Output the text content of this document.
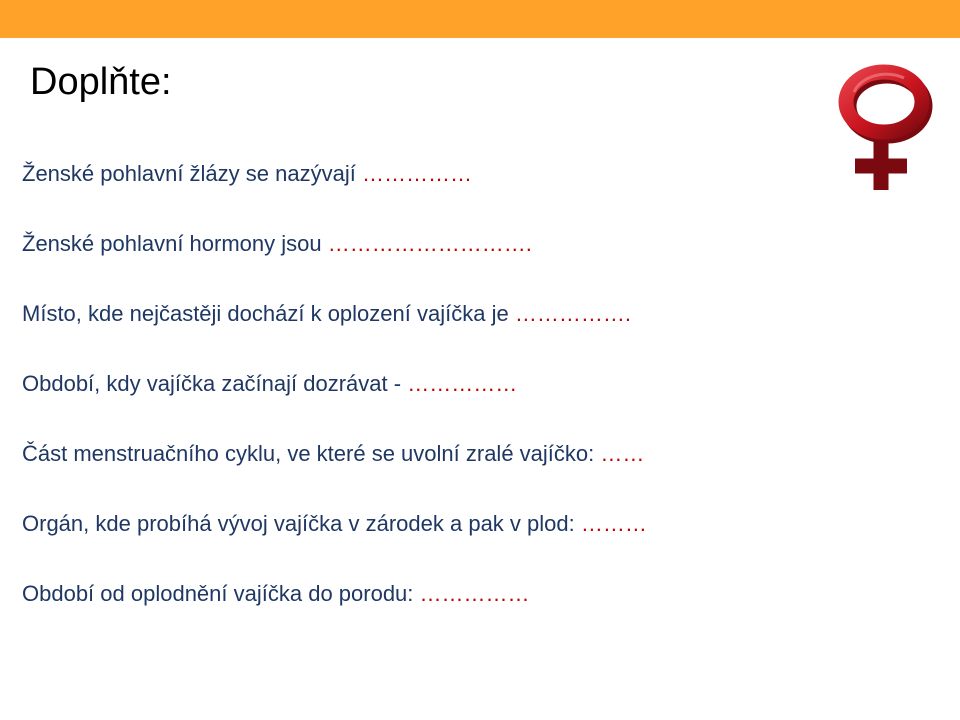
Doplňte:
Ženské pohlavní žlázy se nazývají ……………
Ženské pohlavní hormony jsou ……………………….
Místo, kde nejčastěji dochází k oplození vajíčka je …………….
Období, kdy vajíčka začínají dozrávat - ……………
Část menstruačního cyklu, ve které se uvolní zralé vajíčko: ……
Orgán, kde probíhá vývoj vajíčka v zárodek a pak v plod: ………
Období od oplodnění vajíčka do porodu: ……………
